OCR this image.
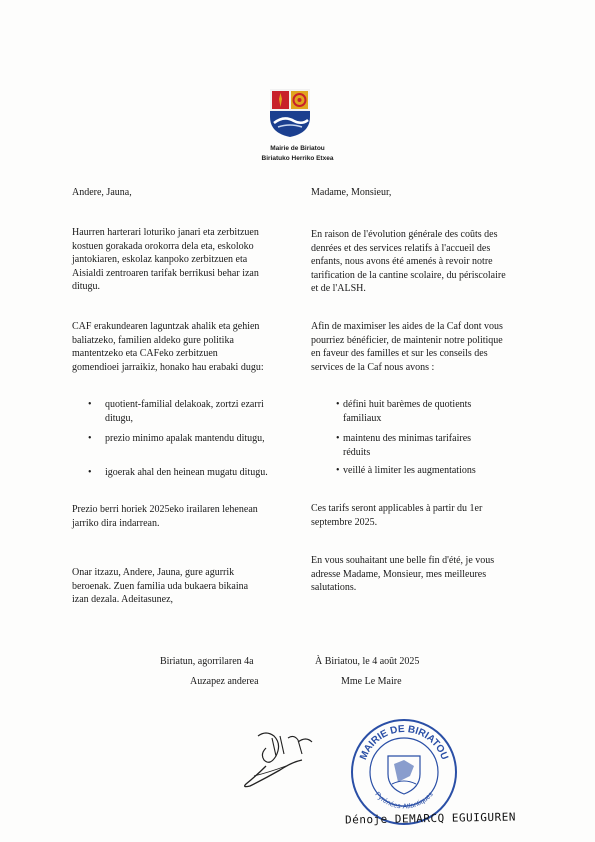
Mairie de Biriatou
Biriatuko Herriko Etxea
Andere, Jauna,	Madame, Monsieur,
Haurren harterari loturiko janari eta zerbitzuen
kostuen gorakada orokorra dela eta, eskoloko
jantokiaren, eskolaz kanpoko zerbitzuen eta
Aisialdi zentroaren tarifak berrikusi behar izan
ditugu.
En raison de l'évolution générale des coûts des
denrées et des services relatifs à l'accueil des
enfants, nous avons été amenés à revoir notre
tarification de la cantine scolaire, du périscolaire
et de l'ALSH.
CAF erakundearen laguntzak ahalik eta gehien
baliatzeko, familien aldeko gure politika
mantentzeko eta CAFeko zerbitzuen
gomendioei jarraikiz, honako hau erabaki dugu:
Afin de maximiser les aides de la Caf dont vous
pourriez bénéficier, de maintenir notre politique
en faveur des familles et sur les conseils des
services de la Caf nous avons :
• quotient-familial delakoak, zortzi ezarri
ditugu,
• prezio minimo apalak mantendu ditugu,
• igoerak ahal den heinean mugatu ditugu.
• défini huit barèmes de quotients
familiaux
• maintenu des minimas tarifaires
réduits
• veillé à limiter les augmentations
Prezio berri horiek 2025eko irailaren lehenean
jarriko dira indarrean.
Ces tarifs seront applicables à partir du 1er
septembre 2025.
Onar itzazu, Andere, Jauna, gure agurrik
beroenak. Zuen familia uda bukaera bikaina
izan dezala. Adeitasunez,
En vous souhaitant une belle fin d'été, je vous
adresse Madame, Monsieur, mes meilleures
salutations.
Biriatun, agorrilaren 4a	À Biriatou, le 4 août 2025
Auzapez anderea	Mme Le Maire
MAIRIE DE BIRIATOU
Pyrénées-Atlantiques
Dénoje DEMARCQ EGUIGUREN
